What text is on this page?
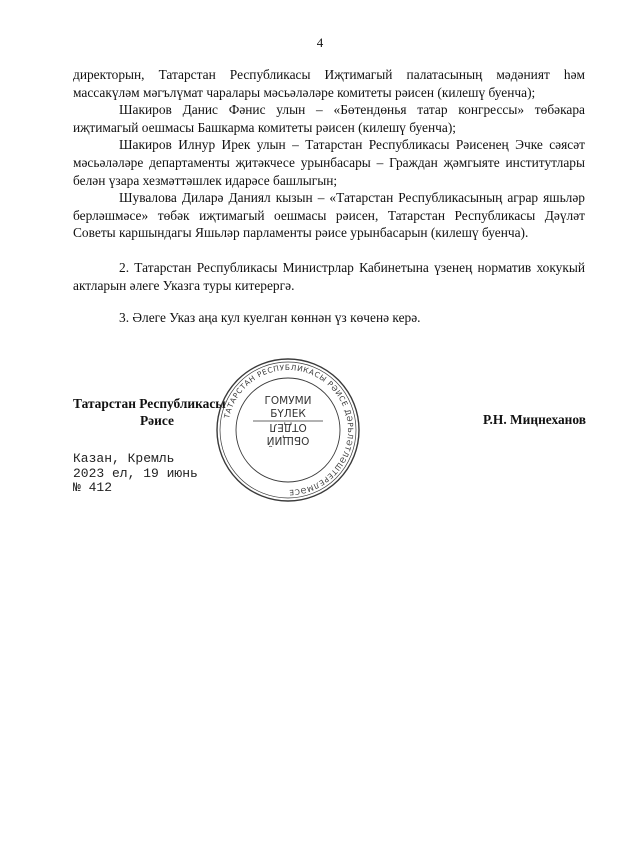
4

директорын, Татарстан Республикасы Иҗтимагый палатасының мәдәният һәм массакүләм мәгълүмат чаралары мәсьәләләре комитеты рәисен (килешү буенча);

Шакиров Данис Фәнис улын – «Бөтендөнья татар конгрессы» төбәкара иҗтимагый оешмасы Башкарма комитеты рәисен (килешү буенча);

Шакиров Илнур Ирек улын – Татарстан Республикасы Рәисенең Эчке сәясәт мәсьәләләре департаменты җитәкчесе урынбасары – Граждан җәмгыяте институтлары белән үзара хезмәттәшлек идарәсе башлыгын;

Шувалова Диларә Даниял кызын – «Татарстан Республикасының аграр яшьләр берләшмәсе» төбәк иҗтимагый оешмасы рәисен, Татарстан Республикасы Дәүләт Советы каршындагы Яшьләр парламенты рәисе урынбасарын (килешү буенча).

2. Татарстан Республикасы Министрлар Кабинетына үзенең норматив хокукый актларын әлеге Указга туры китерергә.

3. Әлеге Указ аңа кул куелган көннән үз көченә керә.

Татарстан Республикасы
Рәисе	Р.Н. Миңнеханов
ТАТАРСТАН РЕСПУБЛИКАСЫ РӘИСЕ ДӘРЬЛӘТЛӘШТЕРЕЛМӘСЕ
ГОМУМИ
БҮЛЕК
ОТДЕЛ
ОБЩИЙ
Казан, Кремль
2023 ел, 19 июнь
№ 412
